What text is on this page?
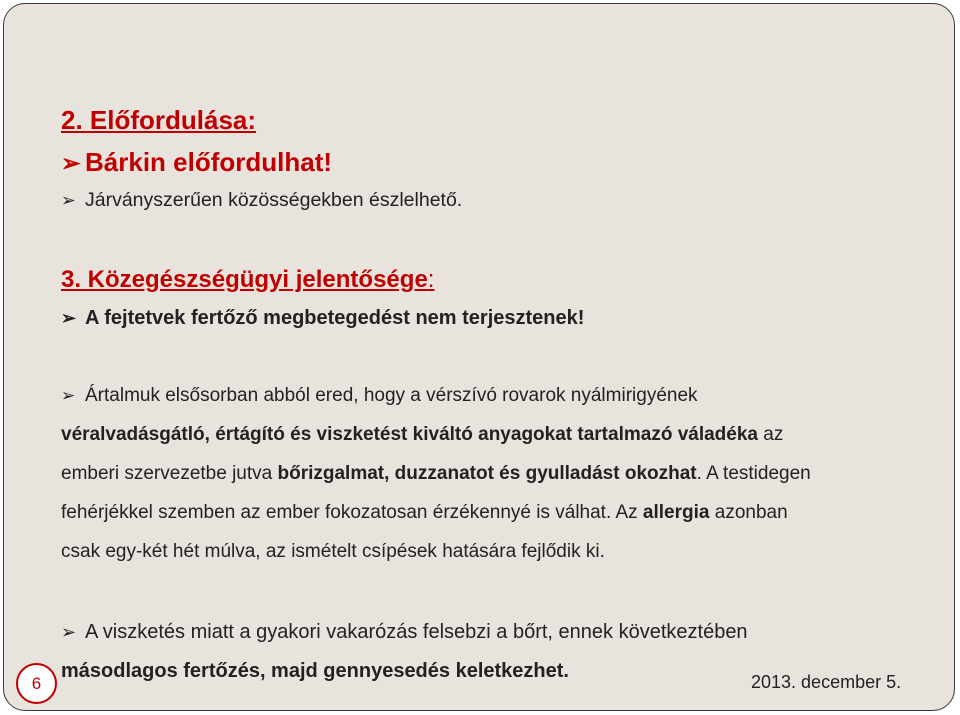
2. Előfordulása:
➢ Bárkin előfordulhat!
➢ Járványszerűen közösségekben észlelhető.
3. Közegészségügyi jelentősége:
➢ A fejtetvek fertőző megbetegedést nem terjesztenek!
➢ Ártalmuk elsősorban abból ered, hogy a vérszívó rovarok nyálmirigyének
véralvadásgátló, értágító és viszketést kiváltó anyagokat tartalmazó váladéka az
emberi szervezetbe jutva bőrizgalmat, duzzanatot és gyulladást okozhat. A testidegen
fehérjékkel szemben az ember fokozatosan érzékennyé is válhat. Az allergia azonban
csak egy-két hét múlva, az ismételt csípések hatására fejlődik ki.
➢ A viszketés miatt a gyakori vakarózás felsebzi a bőrt, ennek következtében
másodlagos fertőzés, majd gennyesedés keletkezhet.
6	2013. december 5.
